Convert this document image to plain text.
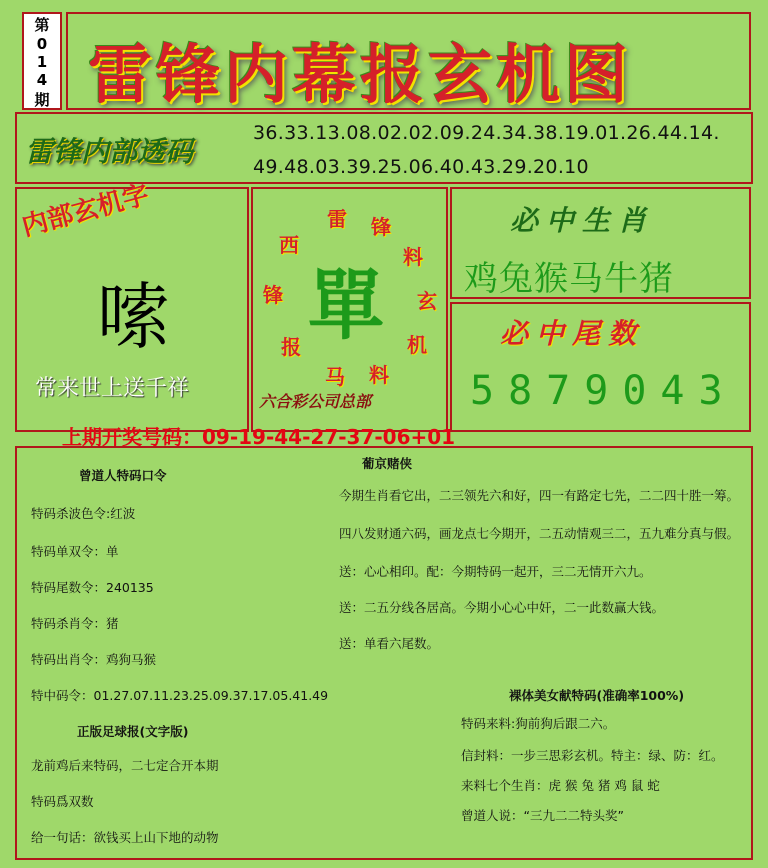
第
0
1
4
期 雷锋内幕报玄机图
雷锋内部透码
36.33.13.08.02.02.09.24.34.38.19.01.26.44.14.
49.48.03.39.25.06.40.43.29.20.10
内部玄机字
嗦
常来世上送千祥
雷 锋
料
玄
机
料
马
报
锋
西
單
六合彩公司总部
必中生肖
鸡兔猴马牛猪
必中尾数
5879043
上期开奖号码：09-19-44-27-37-06+01
曾道人特码口令
特码杀波色令:红波
特码单双令：单
特码尾数令：240135
特码杀肖令：猪
特码出肖令：鸡狗马猴
特中码令：01.27.07.11.23.25.09.37.17.05.41.49
正版足球报(文字版)
龙前鸡后来特码，二七定合开本期
特码爲双数
给一句话：欲钱买上山下地的动物
葡京赌侠
今期生肖看它出，二三领先六和好，四一有路定七先，二二四十胜一筹。
四八发财通六码，画龙点七今期开，二五动情观三二，五九难分真与假。
送：心心相印。配：今期特码一起开，三二无情开六九。
送：二五分线各居高。今期小心心中奸，二一此数赢大钱。
送：单看六尾数。
裸体美女献特码(准确率100%)
特码来料:狗前狗后跟二六。
信封料：一步三思彩玄机。特主：绿、防：红。
来料七个生肖：虎 猴 兔 猪 鸡 鼠 蛇
曾道人说：“三九二二特头奖”
